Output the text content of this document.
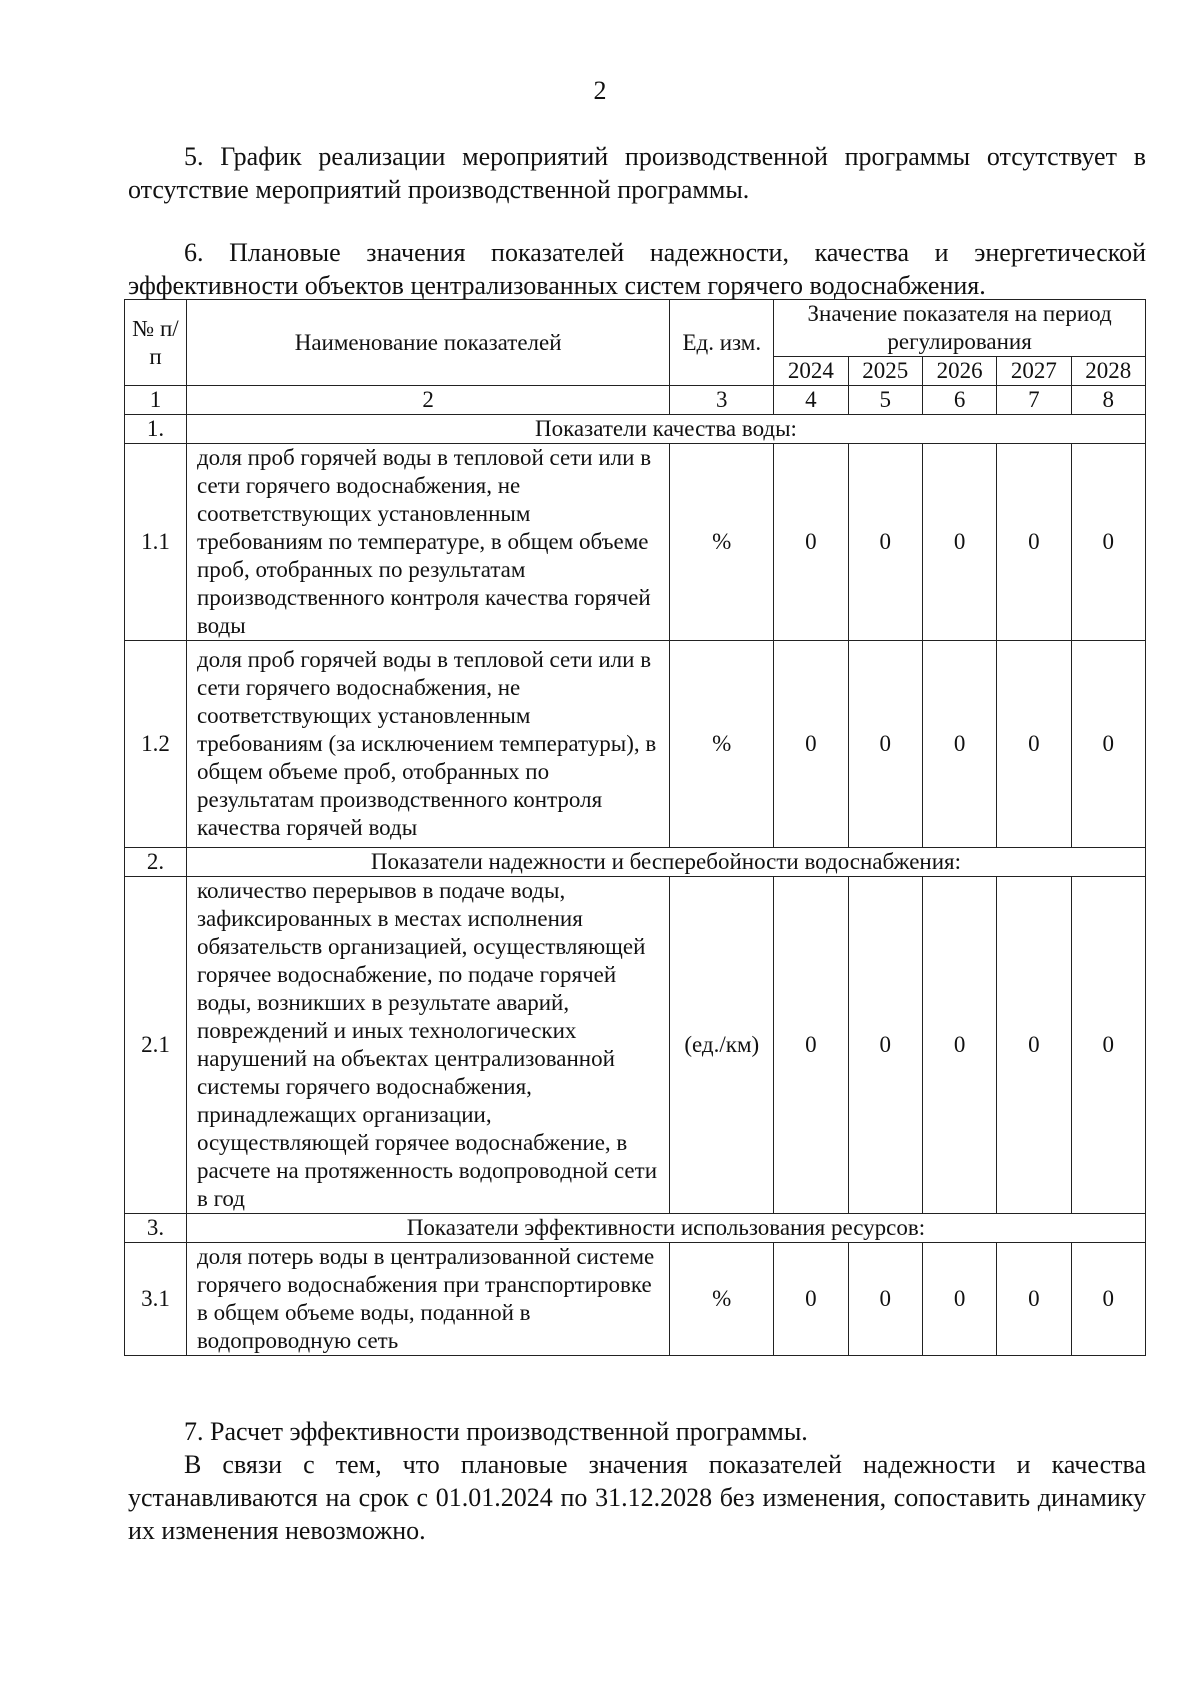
2
5. График реализации мероприятий производственной программы отсутствует в отсутствие мероприятий производственной программы.
6. Плановые значения показателей надежности, качества и энергетической эффективности объектов централизованных систем горячего водоснабжения.
№ п/п	Наименование показателей	Ед. изм.	Значение показателя на период регулирования				
			2024	2025	2026	2027	2028
1	2	3	4	5	6	7	8
1.	Показатели качества воды:						
1.1	доля проб горячей воды в тепловой сети или в сети горячего водоснабжения, не соответствующих установленным требованиям по температуре, в общем объеме проб, отобранных по результатам производственного контроля качества горячей воды	%	0	0	0	0	0
1.2	доля проб горячей воды в тепловой сети или в сети горячего водоснабжения, не соответствующих установленным требованиям (за исключением температуры), в общем объеме проб, отобранных по результатам производственного контроля качества горячей воды	%	0	0	0	0	0
2.	Показатели надежности и бесперебойности водоснабжения:						
2.1	количество перерывов в подаче воды, зафиксированных в местах исполнения обязательств организацией, осуществляющей горячее водоснабжение, по подаче горячей воды, возникших в результате аварий, повреждений и иных технологических нарушений на объектах централизованной системы горячего водоснабжения, принадлежащих организации, осуществляющей горячее водоснабжение, в расчете на протяженность водопроводной сети в год	(ед./км)	0	0	0	0	0
3.	Показатели эффективности использования ресурсов:						
3.1	доля потерь воды в централизованной системе горячего водоснабжения при транспортировке в общем объеме воды, поданной в водопроводную сеть	%	0	0	0	0	0
7. Расчет эффективности производственной программы.
В связи с тем, что плановые значения показателей надежности и качества устанавливаются на срок с 01.01.2024 по 31.12.2028 без изменения, сопоставить динамику их изменения невозможно.
